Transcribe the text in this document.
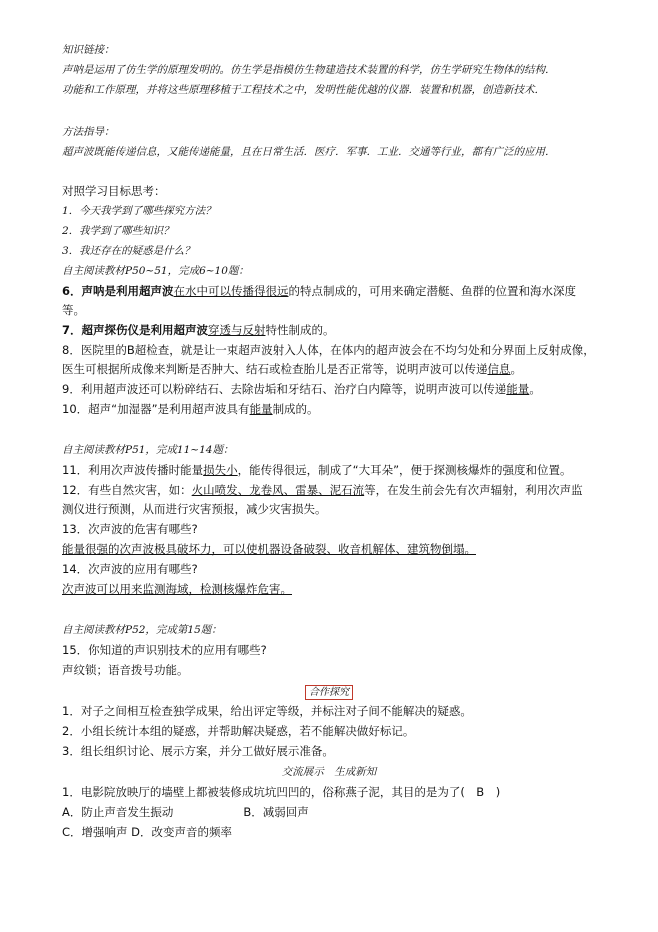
知识链接：
声呐是运用了仿生学的原理发明的。仿生学是指模仿生物建造技术装置的科学，仿生学研究生物体的结构．
功能和工作原理，并将这些原理移植于工程技术之中，发明性能优越的仪器．装置和机器，创造新技术．
方法指导：
超声波既能传递信息，又能传递能量，且在日常生活．医疗．军事．工业．交通等行业，都有广泛的应用．
对照学习目标思考：
1．今天我学到了哪些探究方法？
2．我学到了哪些知识？
3．我还存在的疑惑是什么？
自主阅读教材P50~51，完成6~10题：
6．声呐是利用超声波在水中可以传播得很远的特点制成的，可用来确定潜艇、鱼群的位置和海水深度
等。
7．超声探伤仪是利用超声波穿透与反射特性制成的。
8．医院里的B超检查，就是让一束超声波射入人体，在体内的超声波会在不均匀处和分界面上反射成像，
医生可根据所成像来判断是否肿大、结石或检查胎儿是否正常等，说明声波可以传递信息。
9．利用超声波还可以粉碎结石、去除齿垢和牙结石、治疗白内障等，说明声波可以传递能量。
10．超声“加湿器”是利用超声波具有能量制成的。
自主阅读教材P51，完成11~14题：
11．利用次声波传播时能量损失小，能传得很远，制成了“大耳朵”，便于探测核爆炸的强度和位置。
12．有些自然灾害，如：火山喷发、龙卷风、雷暴、泥石流等，在发生前会先有次声辐射，利用次声监
测仪进行预测，从而进行灾害预报，减少灾害损失。
13．次声波的危害有哪些?
能量很强的次声波极具破坏力，可以使机器设备破裂、收音机解体、建筑物倒塌。
14．次声波的应用有哪些?
次声波可以用来监测海域，检测核爆炸危害。
自主阅读教材P52，完成第15题：
15．你知道的声识别技术的应用有哪些?
声纹锁；语音拨号功能。
合作探究
1．对子之间相互检查独学成果，给出评定等级，并标注对子间不能解决的疑惑。
2．小组长统计本组的疑惑，并帮助解决疑惑，若不能解决做好标记。
3．组长组织讨论、展示方案，并分工做好展示准备。
交流展示　生成新知
1．电影院放映厅的墙壁上都被装修成坑坑凹凹的，俗称燕子泥，其目的是为了(　B　)
A．防止声音发生振动	B．减弱回声
C．增强响声 D．改变声音的频率
